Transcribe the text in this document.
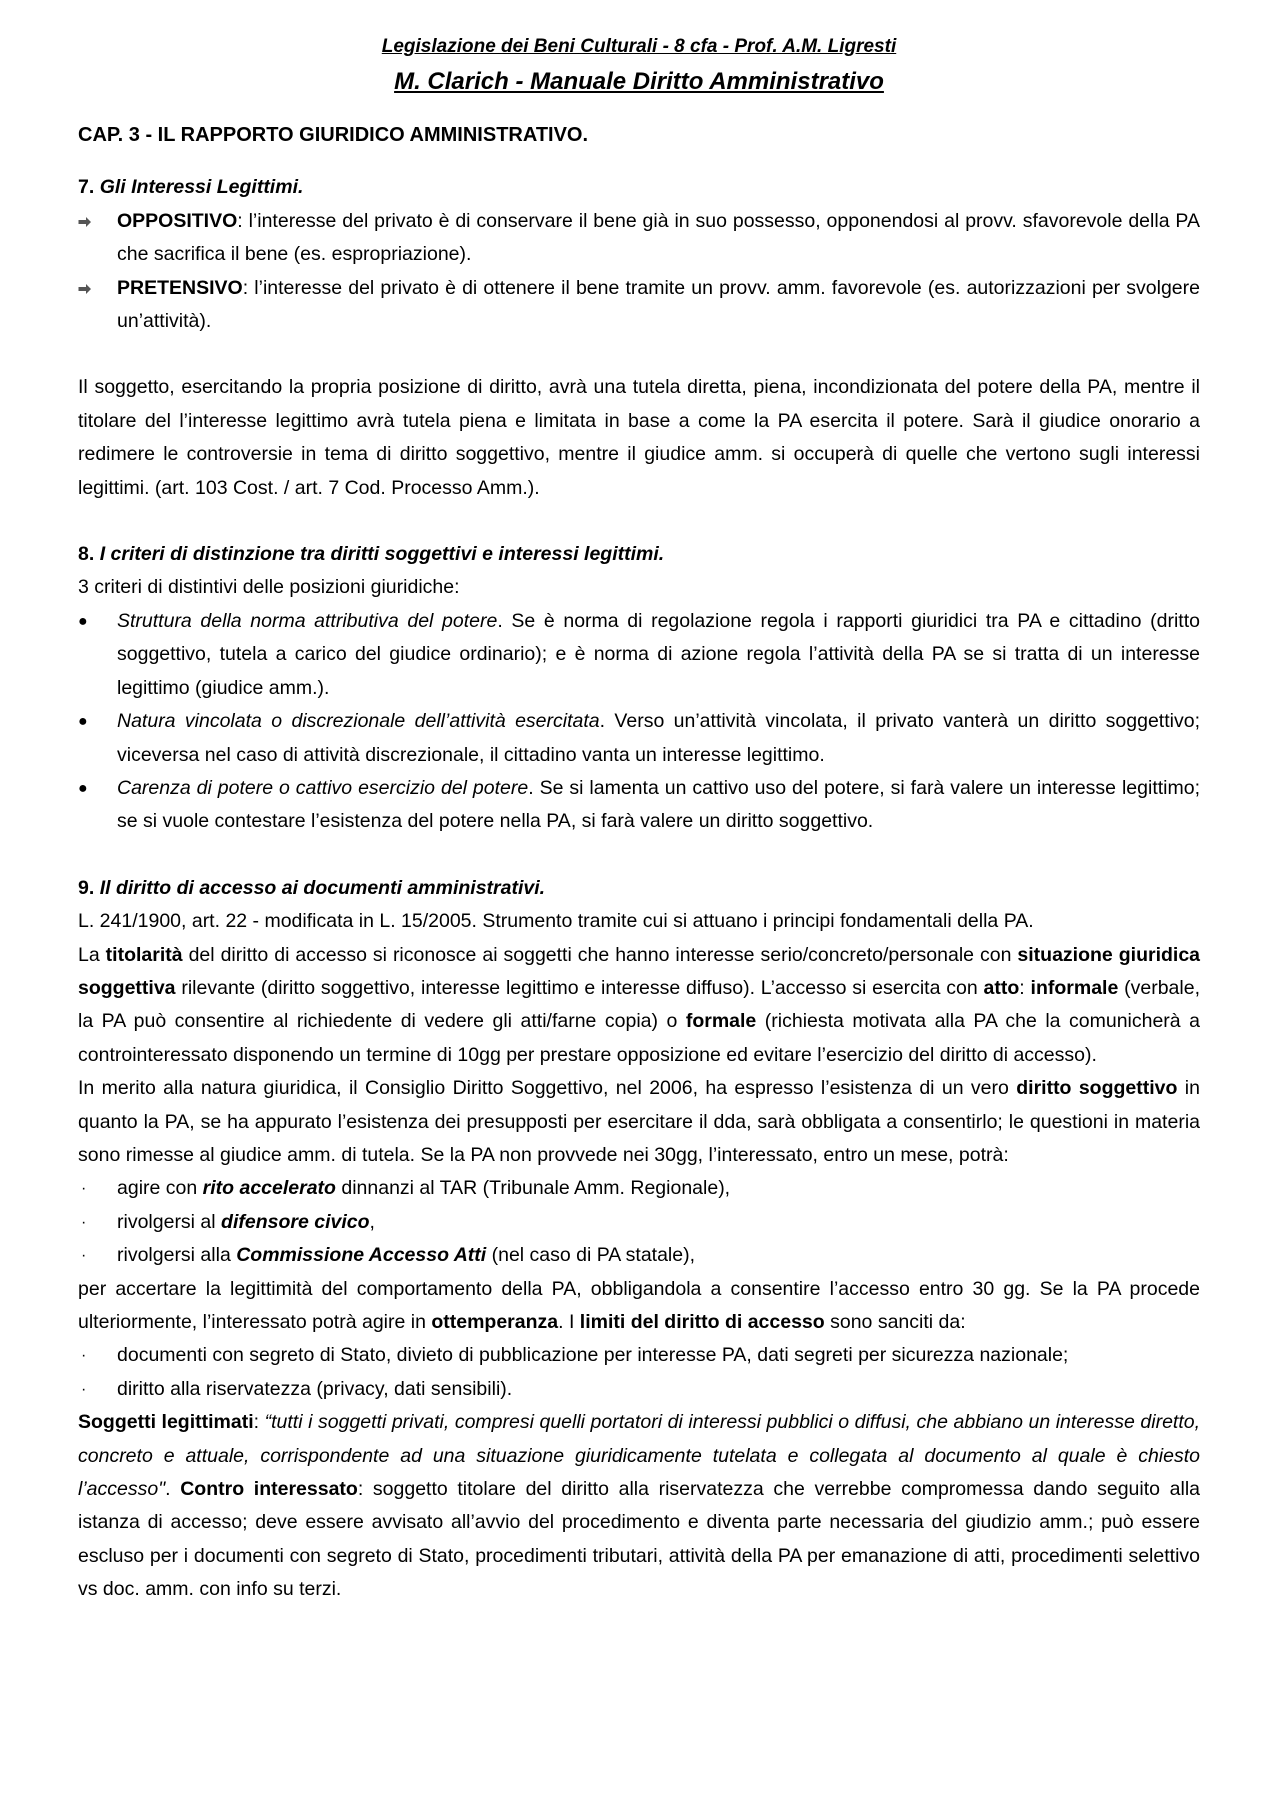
Legislazione dei Beni Culturali - 8 cfa - Prof. A.M. Ligresti
M. Clarich - Manuale Diritto Amministrativo
CAP. 3 - IL RAPPORTO GIURIDICO AMMINISTRATIVO.

7. Gli Interessi Legittimi.

OPPOSITIVO: l’interesse del privato è di conservare il bene già in suo possesso, opponendosi al provv. sfavorevole della PA che sacrifica il bene (es. espropriazione).
PRETENSIVO: l’interesse del privato è di ottenere il bene tramite un provv. amm. favorevole (es. autorizzazioni per svolgere un’attività).

Il soggetto, esercitando la propria posizione di diritto, avrà una tutela diretta, piena, incondizionata del potere della PA, mentre il titolare del l’interesse legittimo avrà tutela piena e limitata in base a come la PA esercita il potere. Sarà il giudice onorario a redimere le controversie in tema di diritto soggettivo, mentre il giudice amm. si occuperà di quelle che vertono sugli interessi legittimi. (art. 103 Cost. / art. 7 Cod. Processo Amm.).

8. I criteri di distinzione tra diritti soggettivi e interessi legittimi.

3 criteri di distintivi delle posizioni giuridiche:

●	Struttura della norma attributiva del potere. Se è norma di regolazione regola i rapporti giuridici tra PA e cittadino (dritto soggettivo, tutela a carico del giudice ordinario); e è norma di azione regola l’attività della PA se si tratta di un interesse legittimo (giudice amm.).
●	Natura vincolata o discrezionale dell’attività esercitata. Verso un’attività vincolata, il privato vanterà un diritto soggettivo; viceversa nel caso di attività discrezionale, il cittadino vanta un interesse legittimo.
●	Carenza di potere o cattivo esercizio del potere. Se si lamenta un cattivo uso del potere, si farà valere un interesse legittimo; se si vuole contestare l’esistenza del potere nella PA, si farà valere un diritto soggettivo.

9. Il diritto di accesso ai documenti amministrativi.

L. 241/1900, art. 22 - modificata in L. 15/2005. Strumento tramite cui si attuano i principi fondamentali della PA.

La titolarità del diritto di accesso si riconosce ai soggetti che hanno interesse serio/concreto/personale con situazione giuridica soggettiva rilevante (diritto soggettivo, interesse legittimo e interesse diffuso). L’accesso si esercita con atto: informale (verbale, la PA può consentire al richiedente di vedere gli atti/farne copia) o formale (richiesta motivata alla PA che la comunicherà a controinteressato disponendo un termine di 10gg per prestare opposizione ed evitare l’esercizio del diritto di accesso).

In merito alla natura giuridica, il Consiglio Diritto Soggettivo, nel 2006, ha espresso l’esistenza di un vero diritto soggettivo in quanto la PA, se ha appurato l’esistenza dei presupposti per esercitare il dda, sarà obbligata a consentirlo; le questioni in materia sono rimesse al giudice amm. di tutela. Se la PA non provvede nei 30gg, l’interessato, entro un mese, potrà:

·	agire con rito accelerato dinnanzi al TAR (Tribunale Amm. Regionale),
·	rivolgersi al difensore civico,
·	rivolgersi alla Commissione Accesso Atti (nel caso di PA statale),

per accertare la legittimità del comportamento della PA, obbligandola a consentire l’accesso entro 30 gg. Se la PA procede ulteriormente, l’interessato potrà agire in ottemperanza. I limiti del diritto di accesso sono sanciti da:

·	documenti con segreto di Stato, divieto di pubblicazione per interesse PA, dati segreti per sicurezza nazionale;
·	diritto alla riservatezza (privacy, dati sensibili).

Soggetti legittimati: “tutti i soggetti privati, compresi quelli portatori di interessi pubblici o diffusi, che abbiano un interesse diretto, concreto e attuale, corrispondente ad una situazione giuridicamente tutelata e collegata al documento al quale è chiesto l’accesso". Contro interessato: soggetto titolare del diritto alla riservatezza che verrebbe compromessa dando seguito alla istanza di accesso; deve essere avvisato all’avvio del procedimento e diventa parte necessaria del giudizio amm.; può essere escluso per i documenti con segreto di Stato, procedimenti tributari, attività della PA per emanazione di atti, procedimenti selettivo vs doc. amm. con info su terzi.
